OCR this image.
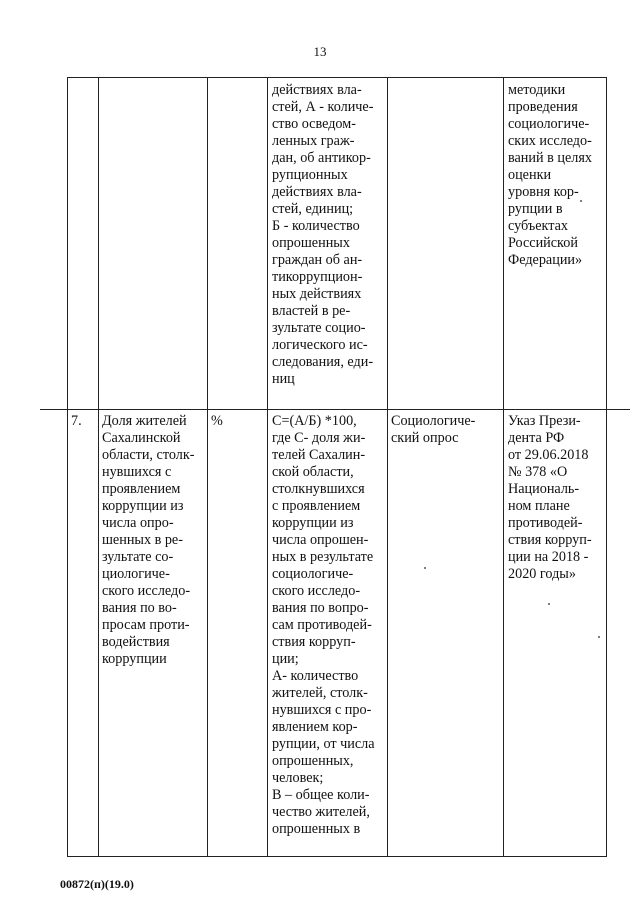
13
действиях вла-
стей, А - количе-
ство осведом-
ленных граж-
дан, об антикор-
рупционных
действиях вла-
стей, единиц;
Б - количество
опрошенных
граждан об ан-
тикоррупцион-
ных действиях
властей в ре-
зультате социо-
логического ис-
следования, еди-
ниц
методики
проведения
социологиче-
ских исследо-
ваний в целях
оценки
уровня кор-
рупции в
субъектах
Российской
Федерации»
7.	Доля жителей
Сахалинской
области, столк-
нувшихся с
проявлением
коррупции из
числа опро-
шенных в ре-
зультате со-
циологиче-
ского исследо-
вания по во-
просам проти-
водействия
коррупции
%	С=(А/Б) *100,
где С- доля жи-
телей Сахалин-
ской области,
столкнувшихся
с проявлением
коррупции из
числа опрошен-
ных в результате
социологиче-
ского исследо-
вания по вопро-
сам противодей-
ствия корруп-
ции;
А- количество
жителей, столк-
нувшихся с про-
явлением кор-
рупции, от числа
опрошенных,
человек;
В – общее коли-
чество жителей,
опрошенных в
Социологиче-
ский опрос
Указ Прези-
дента РФ
от 29.06.2018
№ 378 «О
Националь-
ном плане
противодей-
ствия корруп-
ции на 2018 -
2020 годы»
00872(п)(19.0)
